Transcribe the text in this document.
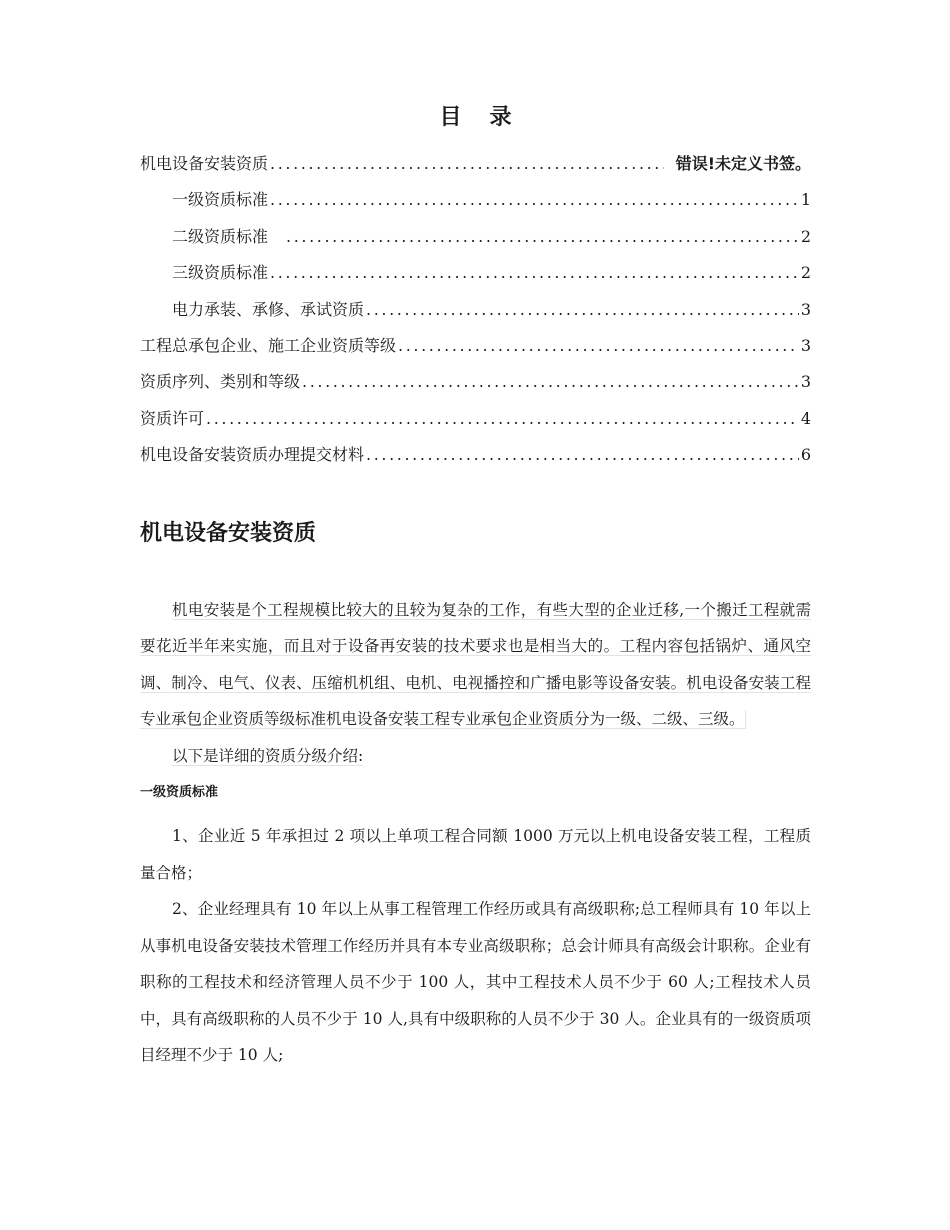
目录
机电设备安装资质 .....	错误!未定义书签。
一级资质标准 .....	1
二级资质标准　 .....	2
三级资质标准 .....	2
电力承装、承修、承试资质 .....	3
工程总承包企业、施工企业资质等级 .....	3
资质序列、类别和等级 .....	3
资质许可 .....	4
机电设备安装资质办理提交材料 .....	6
机电设备安装资质

机电安装是个工程规模比较大的且较为复杂的工作，有些大型的企业迁移,一个搬迁工程就需要花近半年来实施，而且对于设备再安装的技术要求也是相当大的。工程内容包括锅炉、通风空调、制冷、电气、仪表、压缩机机组、电机、电视播控和广播电影等设备安装。机电设备安装工程专业承包企业资质等级标准机电设备安装工程专业承包企业资质分为一级、二级、三级。

以下是详细的资质分级介绍:

一级资质标准

1、企业近 5 年承担过 2 项以上单项工程合同额 1000 万元以上机电设备安装工程，工程质量合格；

2、企业经理具有 10 年以上从事工程管理工作经历或具有高级职称;总工程师具有 10 年以上从事机电设备安装技术管理工作经历并具有本专业高级职称；总会计师具有高级会计职称。企业有职称的工程技术和经济管理人员不少于 100 人，其中工程技术人员不少于 60 人;工程技术人员中，具有高级职称的人员不少于 10 人,具有中级职称的人员不少于 30 人。企业具有的一级资质项目经理不少于 10 人;
